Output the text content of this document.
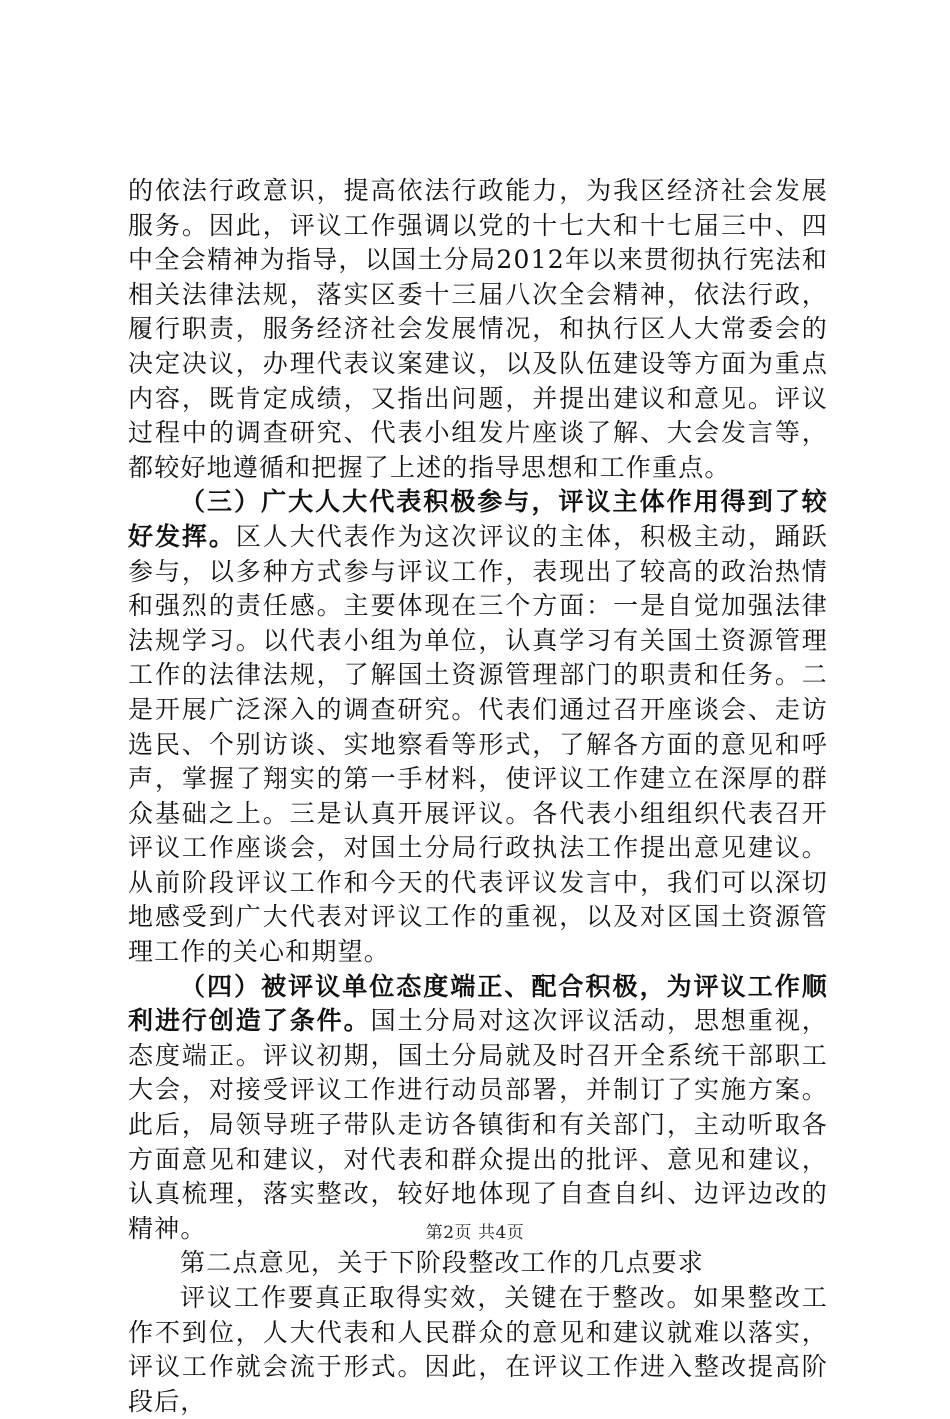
的依法行政意识，提高依法行政能力，为我区经济社会发展服务。因此，评议工作强调以党的十七大和十七届三中、四中全会精神为指导，以国土分局2012年以来贯彻执行宪法和相关法律法规，落实区委十三届八次全会精神，依法行政，履行职责，服务经济社会发展情况，和执行区人大常委会的决定决议，办理代表议案建议，以及队伍建设等方面为重点内容，既肯定成绩，又指出问题，并提出建议和意见。评议过程中的调查研究、代表小组发片座谈了解、大会发言等，都较好地遵循和把握了上述的指导思想和工作重点。

（三）广大人大代表积极参与，评议主体作用得到了较好发挥。区人大代表作为这次评议的主体，积极主动，踊跃参与，以多种方式参与评议工作，表现出了较高的政治热情和强烈的责任感。主要体现在三个方面：一是自觉加强法律法规学习。以代表小组为单位，认真学习有关国土资源管理工作的法律法规，了解国土资源管理部门的职责和任务。二是开展广泛深入的调查研究。代表们通过召开座谈会、走访选民、个别访谈、实地察看等形式，了解各方面的意见和呼声，掌握了翔实的第一手材料，使评议工作建立在深厚的群众基础之上。三是认真开展评议。各代表小组组织代表召开评议工作座谈会，对国土分局行政执法工作提出意见建议。从前阶段评议工作和今天的代表评议发言中，我们可以深切地感受到广大代表对评议工作的重视，以及对区国土资源管理工作的关心和期望。

（四）被评议单位态度端正、配合积极，为评议工作顺利进行创造了条件。国土分局对这次评议活动，思想重视，态度端正。评议初期，国土分局就及时召开全系统干部职工大会，对接受评议工作进行动员部署，并制订了实施方案。此后，局领导班子带队走访各镇街和有关部门，主动听取各方面意见和建议，对代表和群众提出的批评、意见和建议，认真梳理，落实整改，较好地体现了自查自纠、边评边改的精神。

第二点意见，关于下阶段整改工作的几点要求

评议工作要真正取得实效，关键在于整改。如果整改工作不到位，人大代表和人民群众的意见和建议就难以落实，评议工作就会流于形式。因此，在评议工作进入整改提高阶段后，

第2页 共4页
